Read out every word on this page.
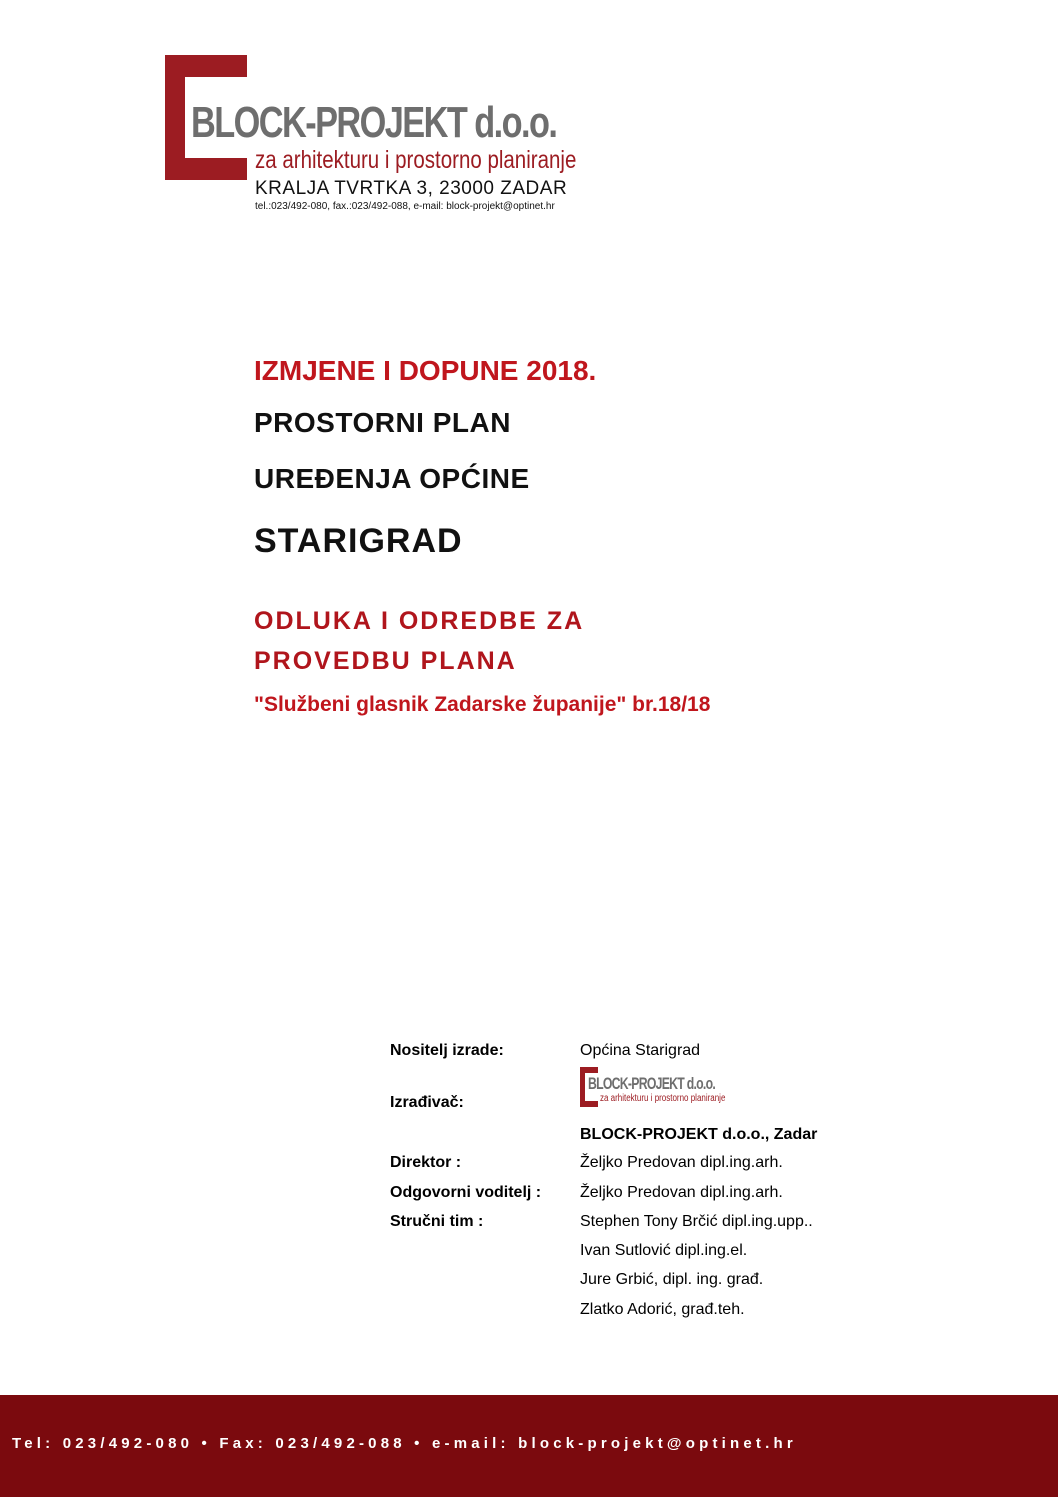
BLOCK-PROJEKT d.o.o.
za arhitekturu i prostorno planiranje
KRALJA TVRTKA 3, 23000 ZADAR
tel.:023/492-080, fax.:023/492-088, e-mail: block-projekt@optinet.hr
IZMJENE I DOPUNE 2018.
PROSTORNI PLAN
UREĐENJA OPĆINE
STARIGRAD
ODLUKA I ODREDBE ZA
PROVEDBU PLANA
"Službeni glasnik Zadarske županije" br.18/18
Nositelj izrade:	Općina Starigrad
Izrađivač:
BLOCK-PROJEKT d.o.o.
za arhitekturu i prostorno planiranje
BLOCK-PROJEKT d.o.o., Zadar
Direktor :	Željko Predovan dipl.ing.arh.
Odgovorni voditelj : Željko Predovan dipl.ing.arh.
Stručni tim :	Stephen Tony Brčić dipl.ing.upp..
Ivan Sutlović dipl.ing.el.
Jure Grbić, dipl. ing. građ.
Zlatko Adorić, građ.teh.
Tel: 023/492-080 • Fax: 023/492-088 • e-mail: block-projekt@optinet.hr
